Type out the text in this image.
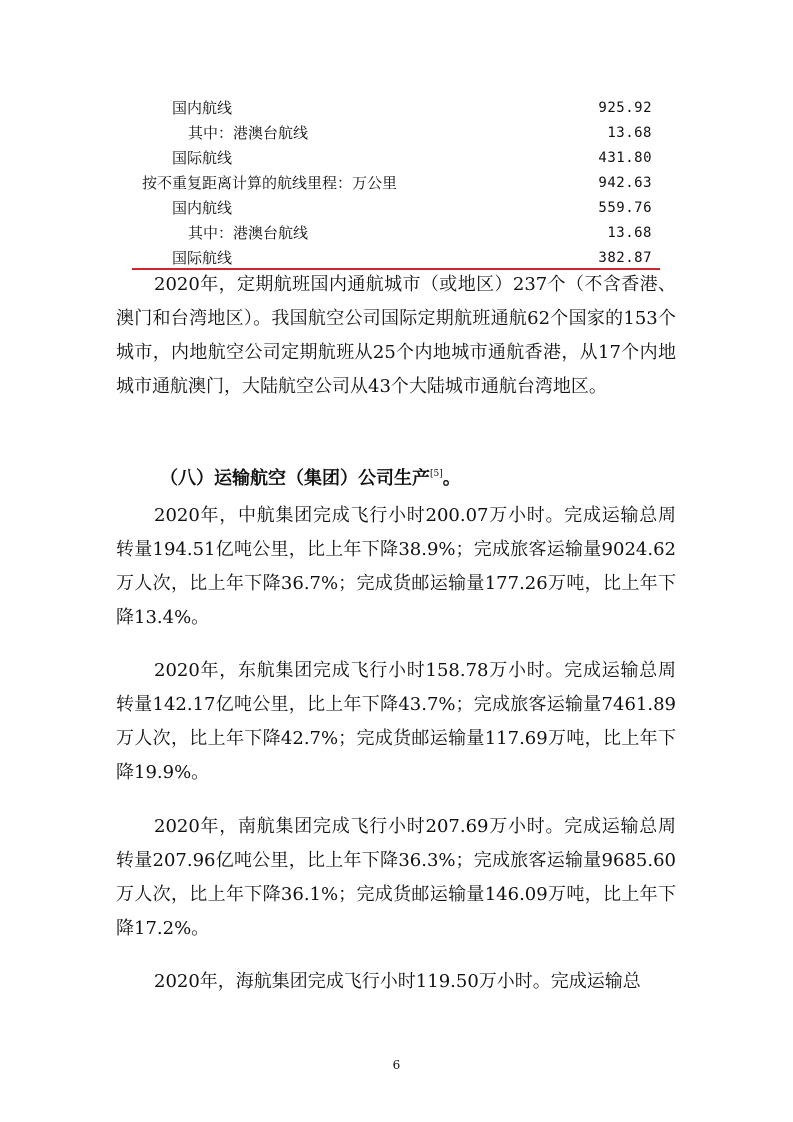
国内航线	925.92
其中：港澳台航线	13.68
国际航线	431.80
按不重复距离计算的航线里程：万公里	942.63
国内航线	559.76
其中：港澳台航线	13.68
国际航线	382.87

2020年，定期航班国内通航城市（或地区）237个（不含香港、澳门和台湾地区）。我国航空公司国际定期航班通航62个国家的153个城市，内地航空公司定期航班从25个内地城市通航香港，从17个内地城市通航澳门，大陆航空公司从43个大陆城市通航台湾地区。

（八）运输航空（集团）公司生产[5]。

2020年，中航集团完成飞行小时200.07万小时。完成运输总周转量194.51亿吨公里，比上年下降38.9%；完成旅客运输量9024.62万人次，比上年下降36.7%；完成货邮运输量177.26万吨，比上年下降13.4%。

2020年，东航集团完成飞行小时158.78万小时。完成运输总周转量142.17亿吨公里，比上年下降43.7%；完成旅客运输量7461.89万人次，比上年下降42.7%；完成货邮运输量117.69万吨，比上年下降19.9%。

2020年，南航集团完成飞行小时207.69万小时。完成运输总周转量207.96亿吨公里，比上年下降36.3%；完成旅客运输量9685.60万人次，比上年下降36.1%；完成货邮运输量146.09万吨，比上年下降17.2%。

2020年，海航集团完成飞行小时119.50万小时。完成运输总

6
